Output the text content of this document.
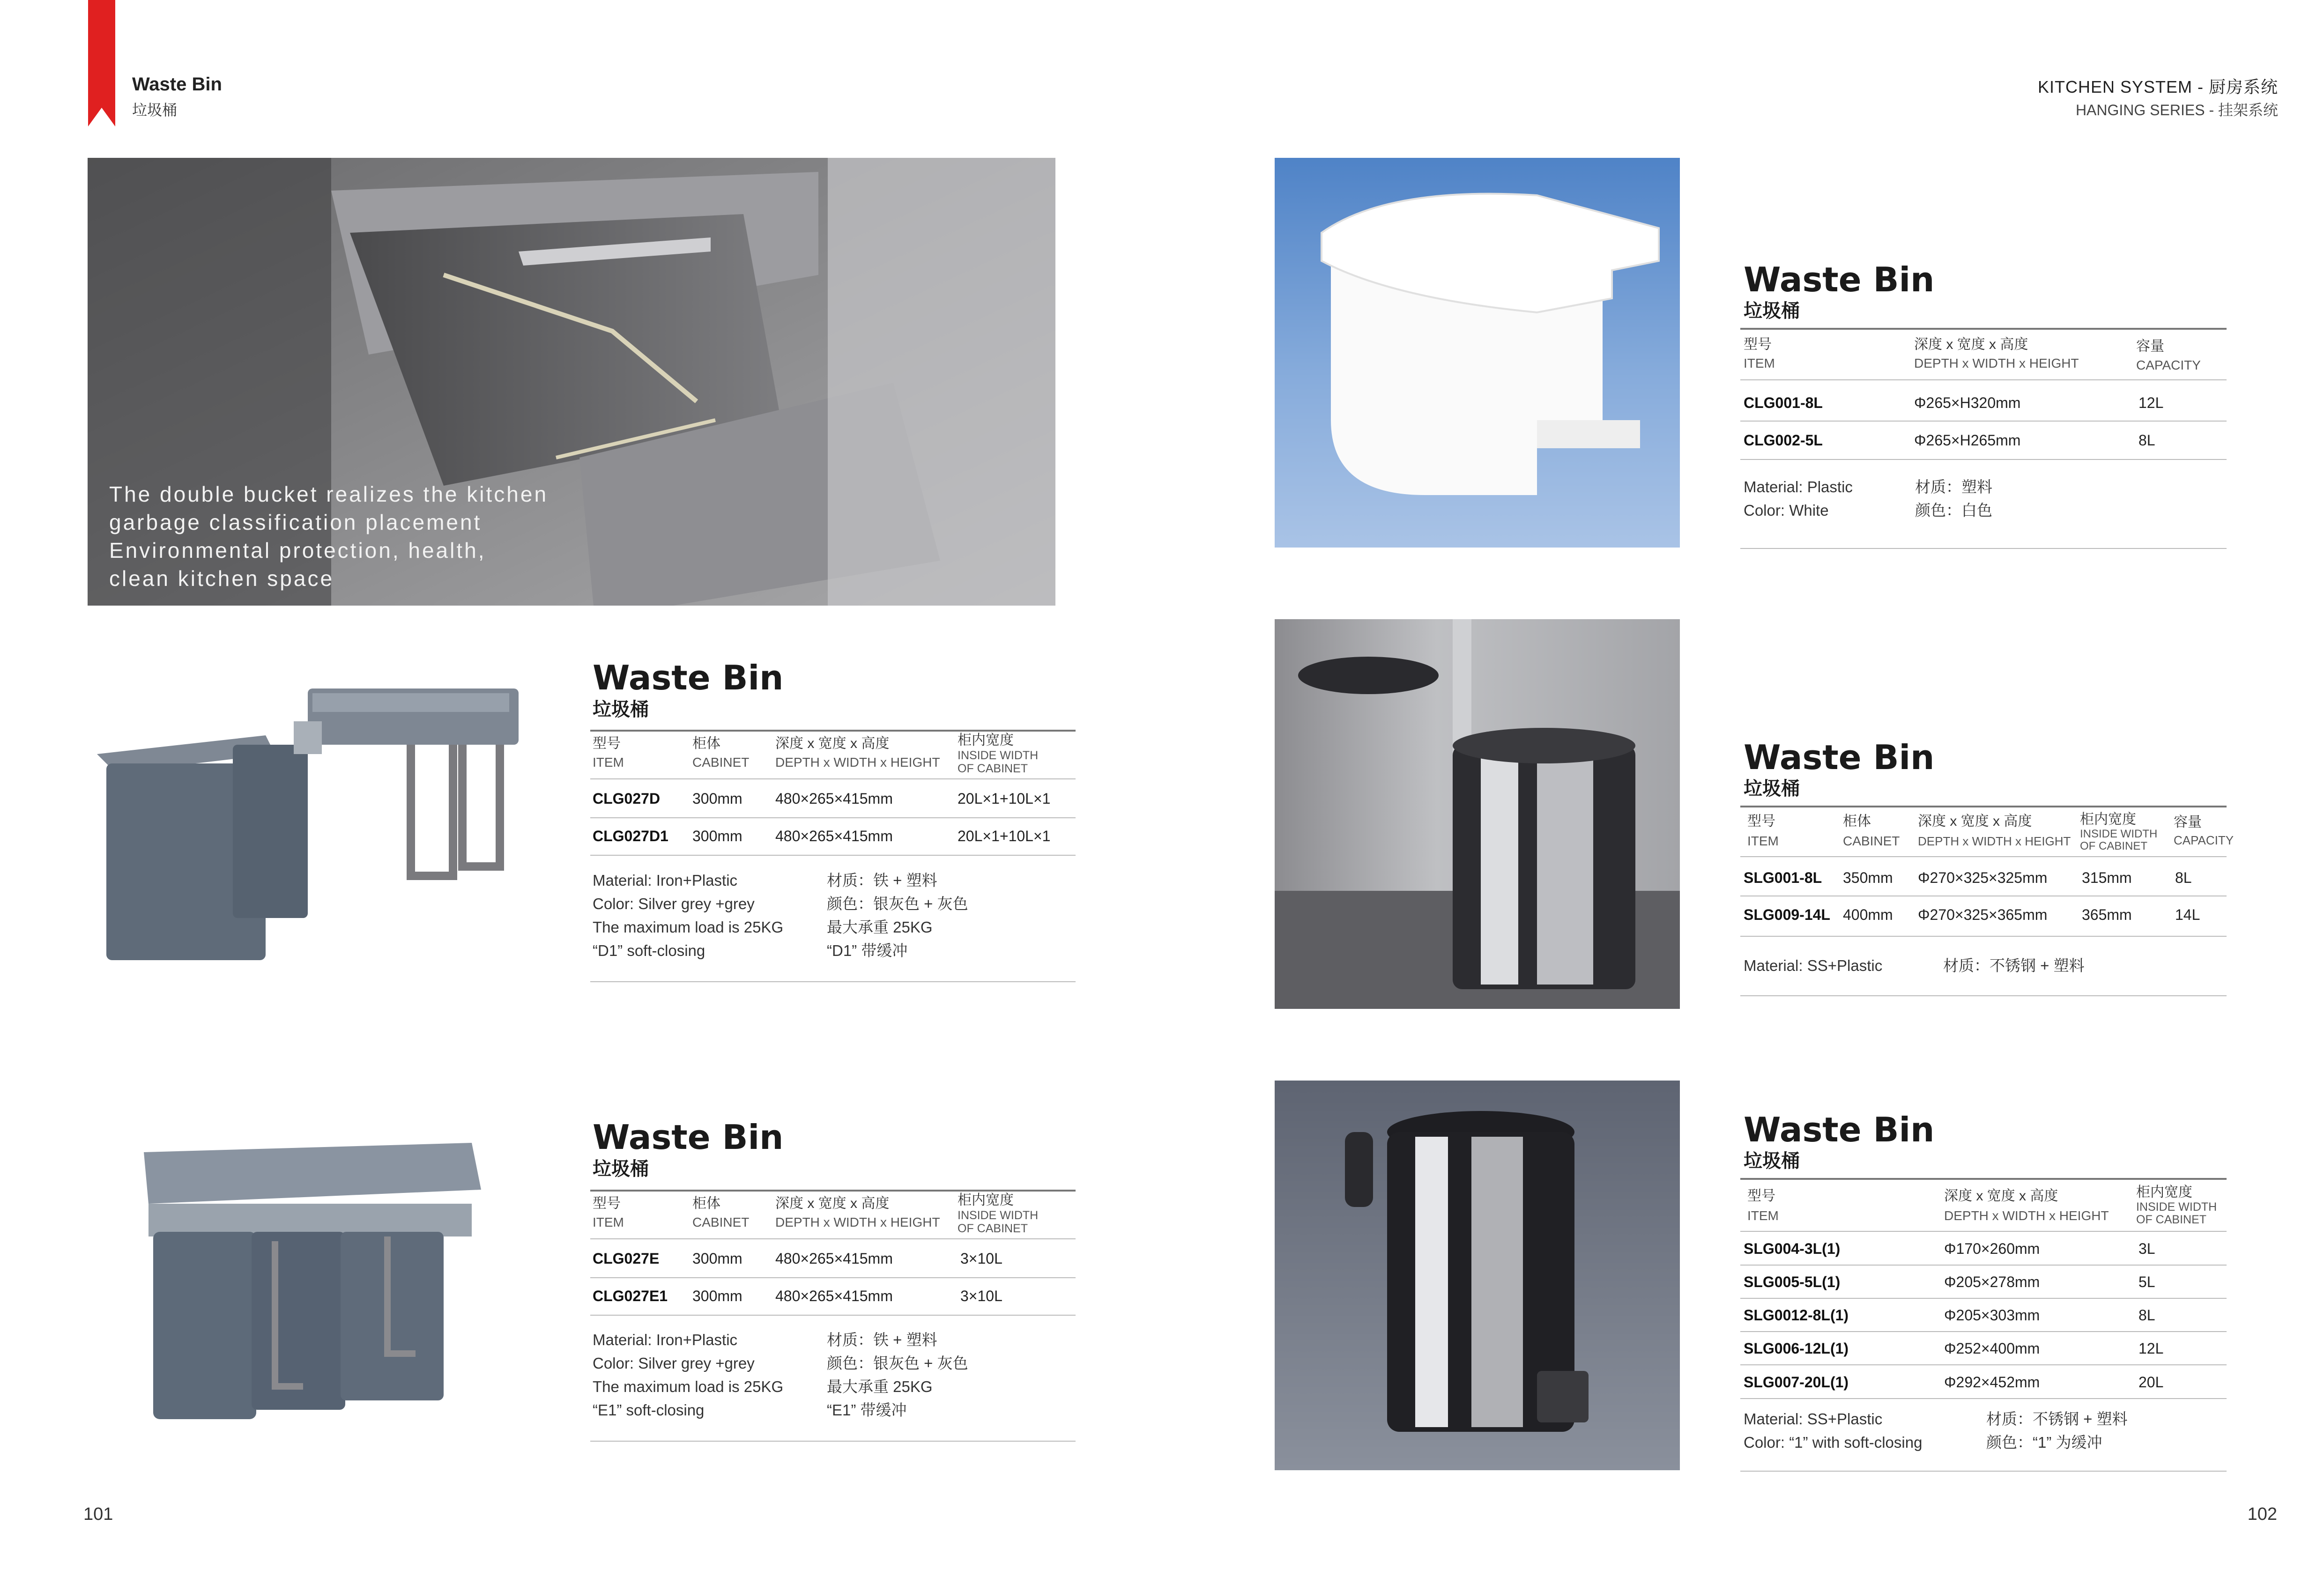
Waste Bin
垃圾桶
KITCHEN SYSTEM - 厨房系统
HANGING SERIES - 挂架系统
The double bucket realizes the kitchen
garbage classification placement
Environmental protection, health,
clean kitchen space
Waste Bin
垃圾桶
型号
ITEM
柜体
CABINET
深度 x 宽度 x 高度
DEPTH x WIDTH x HEIGHT
柜内宽度
INSIDE WIDTH
OF CABINET
CLG027D 300mm 480×265×415mm	20L×1+10L×1
CLG027D1 300mm 480×265×415mm	20L×1+10L×1
Material: Iron+Plastic
Color: Silver grey +grey
The maximum load is 25KG
“D1” soft-closing
材质：铁 + 塑料
颜色：银灰色 + 灰色
最大承重 25KG
“D1” 带缓冲
Waste Bin
垃圾桶
型号
ITEM
柜体
CABINET
深度 x 宽度 x 高度
DEPTH x WIDTH x HEIGHT
柜内宽度
INSIDE WIDTH
OF CABINET
CLG027E 300mm 480×265×415mm	3×10L
CLG027E1 300mm 480×265×415mm	3×10L
Material: Iron+Plastic
Color: Silver grey +grey
The maximum load is 25KG
“E1” soft-closing
材质：铁 + 塑料
颜色：银灰色 + 灰色
最大承重 25KG
“E1” 带缓冲
Waste Bin
垃圾桶
型号
ITEM
深度 x 宽度 x 高度
DEPTH x WIDTH x HEIGHT
容量
CAPACITY
CLG001-8L	Φ265×H320mm	12L
CLG002-5L	Φ265×H265mm	8L
Material: Plastic
Color: White
材质：塑料
颜色：白色
Waste Bin
垃圾桶
型号
ITEM
柜体
CABINET
深度 x 宽度 x 高度
DEPTH x WIDTH x HEIGHT
柜内宽度
INSIDE WIDTH
OF CABINET
容量
CAPACITY
SLG001-8L 350mm Φ270×325×325mm 315mm	8L
SLG009-14L 400mm Φ270×325×365mm 365mm	14L
Material: SS+Plastic	材质：不锈钢 + 塑料
Waste Bin
垃圾桶
型号
ITEM
深度 x 宽度 x 高度
DEPTH x WIDTH x HEIGHT
柜内宽度
INSIDE WIDTH
OF CABINET
SLG004-3L(1)	Φ170×260mm	3L
SLG005-5L(1)	Φ205×278mm	5L
SLG0012-8L(1)	Φ205×303mm	8L
SLG006-12L(1)	Φ252×400mm	12L
SLG007-20L(1)	Φ292×452mm	20L
Material: SS+Plastic
Color: “1” with soft-closing
材质：不锈钢 + 塑料
颜色：“1” 为缓冲
101	102
